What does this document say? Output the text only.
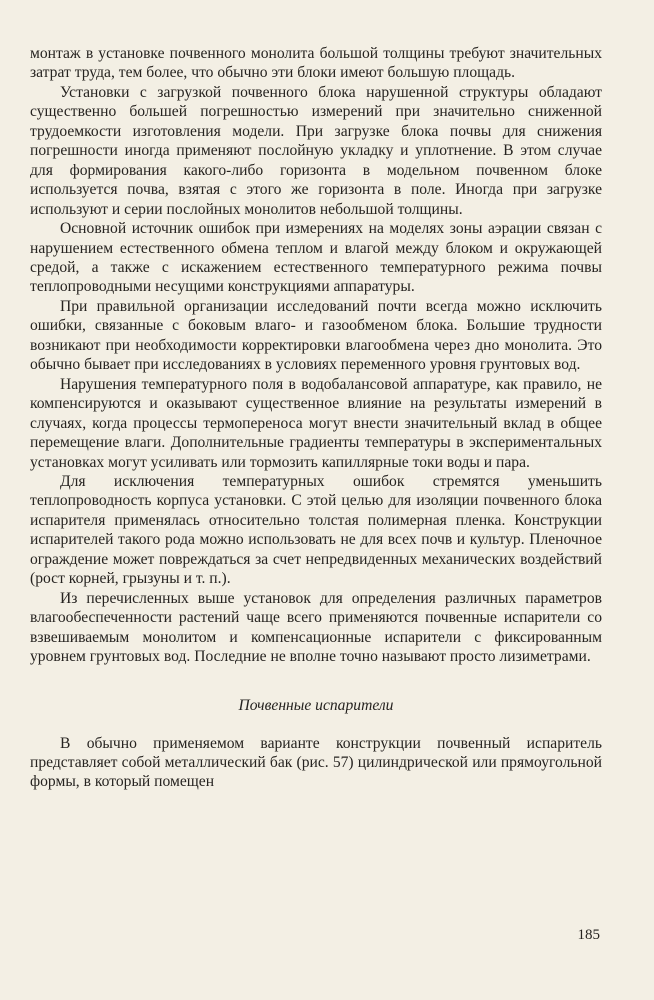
монтаж в установке почвенного монолита большой толщины требуют значительных затрат труда, тем более, что обычно эти блоки имеют большую площадь.

Установки с загрузкой почвенного блока нарушенной структуры обладают существенно большей погрешностью измерений при значительно сниженной трудоемкости изготовления модели. При загрузке блока почвы для снижения погрешности иногда применяют послойную укладку и уплотнение. В этом случае для формирования какого-либо горизонта в модельном почвенном блоке используется почва, взятая с этого же горизонта в поле. Иногда при загрузке используют и серии послойных монолитов небольшой толщины.

Основной источник ошибок при измерениях на моделях зоны аэрации связан с нарушением естественного обмена теплом и влагой между блоком и окружающей средой, а также с искажением естественного температурного режима почвы теплопроводными несущими конструкциями аппаратуры.

При правильной организации исследований почти всегда можно исключить ошибки, связанные с боковым влаго- и газообменом блока. Большие трудности возникают при необходимости корректировки влагообмена через дно монолита. Это обычно бывает при исследованиях в условиях переменного уровня грунтовых вод.

Нарушения температурного поля в водобалансовой аппаратуре, как правило, не компенсируются и оказывают существенное влияние на результаты измерений в случаях, когда процессы термопереноса могут внести значительный вклад в общее перемещение влаги. Дополнительные градиенты температуры в экспериментальных установках могут усиливать или тормозить капиллярные токи воды и пара.

Для исключения температурных ошибок стремятся уменьшить теплопроводность корпуса установки. С этой целью для изоляции почвенного блока испарителя применялась относительно толстая полимерная пленка. Конструкции испарителей такого рода можно использовать не для всех почв и культур. Пленочное ограждение может повреждаться за счет непредвиденных механических воздействий (рост корней, грызуны и т. п.).

Из перечисленных выше установок для определения различных параметров влагообеспеченности растений чаще всего применяются почвенные испарители со взвешиваемым монолитом и компенсационные испарители с фиксированным уровнем грунтовых вод. Последние не вполне точно называют просто лизиметрами.

Почвенные испарители

В обычно применяемом варианте конструкции почвенный испаритель представляет собой металлический бак (рис. 57) цилиндрической или прямоугольной формы, в который помещен

185
